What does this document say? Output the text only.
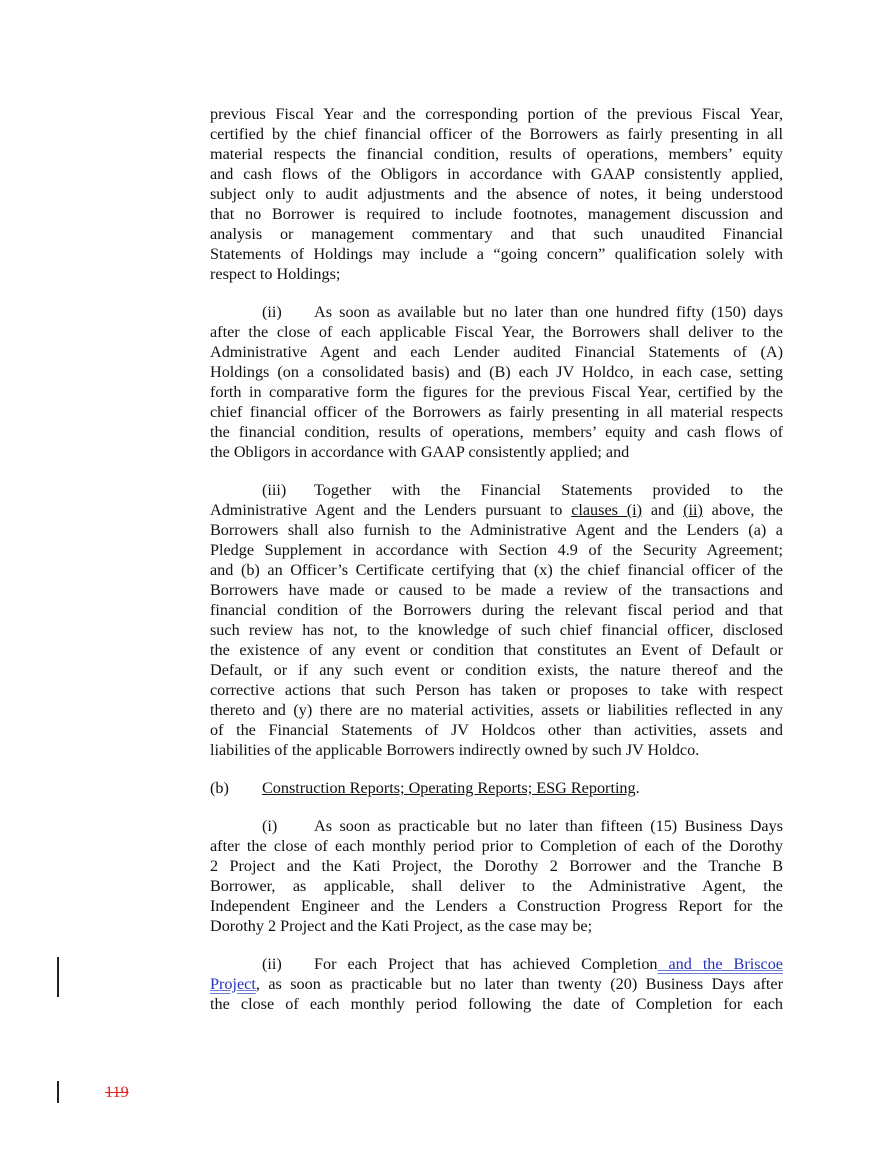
previous Fiscal Year and the corresponding portion of the previous Fiscal Year,
certified by the chief financial officer of the Borrowers as fairly presenting in all
material respects the financial condition, results of operations, members’ equity
and cash flows of the Obligors in accordance with GAAP consistently applied,
subject only to audit adjustments and the absence of notes, it being understood
that no Borrower is required to include footnotes, management discussion and
analysis or management commentary and that such unaudited Financial
Statements of Holdings may include a “going concern” qualification solely with
respect to Holdings;
(ii) As soon as available but no later than one hundred fifty (150) days
after the close of each applicable Fiscal Year, the Borrowers shall deliver to the
Administrative Agent and each Lender audited Financial Statements of (A)
Holdings (on a consolidated basis) and (B) each JV Holdco, in each case, setting
forth in comparative form the figures for the previous Fiscal Year, certified by the
chief financial officer of the Borrowers as fairly presenting in all material respects
the financial condition, results of operations, members’ equity and cash flows of
the Obligors in accordance with GAAP consistently applied; and
(iii) Together with the Financial Statements provided to the
Administrative Agent and the Lenders pursuant to clauses (i) and (ii) above, the
Borrowers shall also furnish to the Administrative Agent and the Lenders (a) a
Pledge Supplement in accordance with Section 4.9 of the Security Agreement;
and (b) an Officer’s Certificate certifying that (x) the chief financial officer of the
Borrowers have made or caused to be made a review of the transactions and
financial condition of the Borrowers during the relevant fiscal period and that
such review has not, to the knowledge of such chief financial officer, disclosed
the existence of any event or condition that constitutes an Event of Default or
Default, or if any such event or condition exists, the nature thereof and the
corrective actions that such Person has taken or proposes to take with respect
thereto and (y) there are no material activities, assets or liabilities reflected in any
of the Financial Statements of JV Holdcos other than activities, assets and
liabilities of the applicable Borrowers indirectly owned by such JV Holdco.
(b) Construction Reports; Operating Reports; ESG Reporting.
(i) As soon as practicable but no later than fifteen (15) Business Days
after the close of each monthly period prior to Completion of each of the Dorothy
2 Project and the Kati Project, the Dorothy 2 Borrower and the Tranche B
Borrower, as applicable, shall deliver to the Administrative Agent, the
Independent Engineer and the Lenders a Construction Progress Report for the
Dorothy 2 Project and the Kati Project, as the case may be;
(ii) For each Project that has achieved Completion and the Briscoe
Project, as soon as practicable but no later than twenty (20) Business Days after
the close of each monthly period following the date of Completion for each
119
